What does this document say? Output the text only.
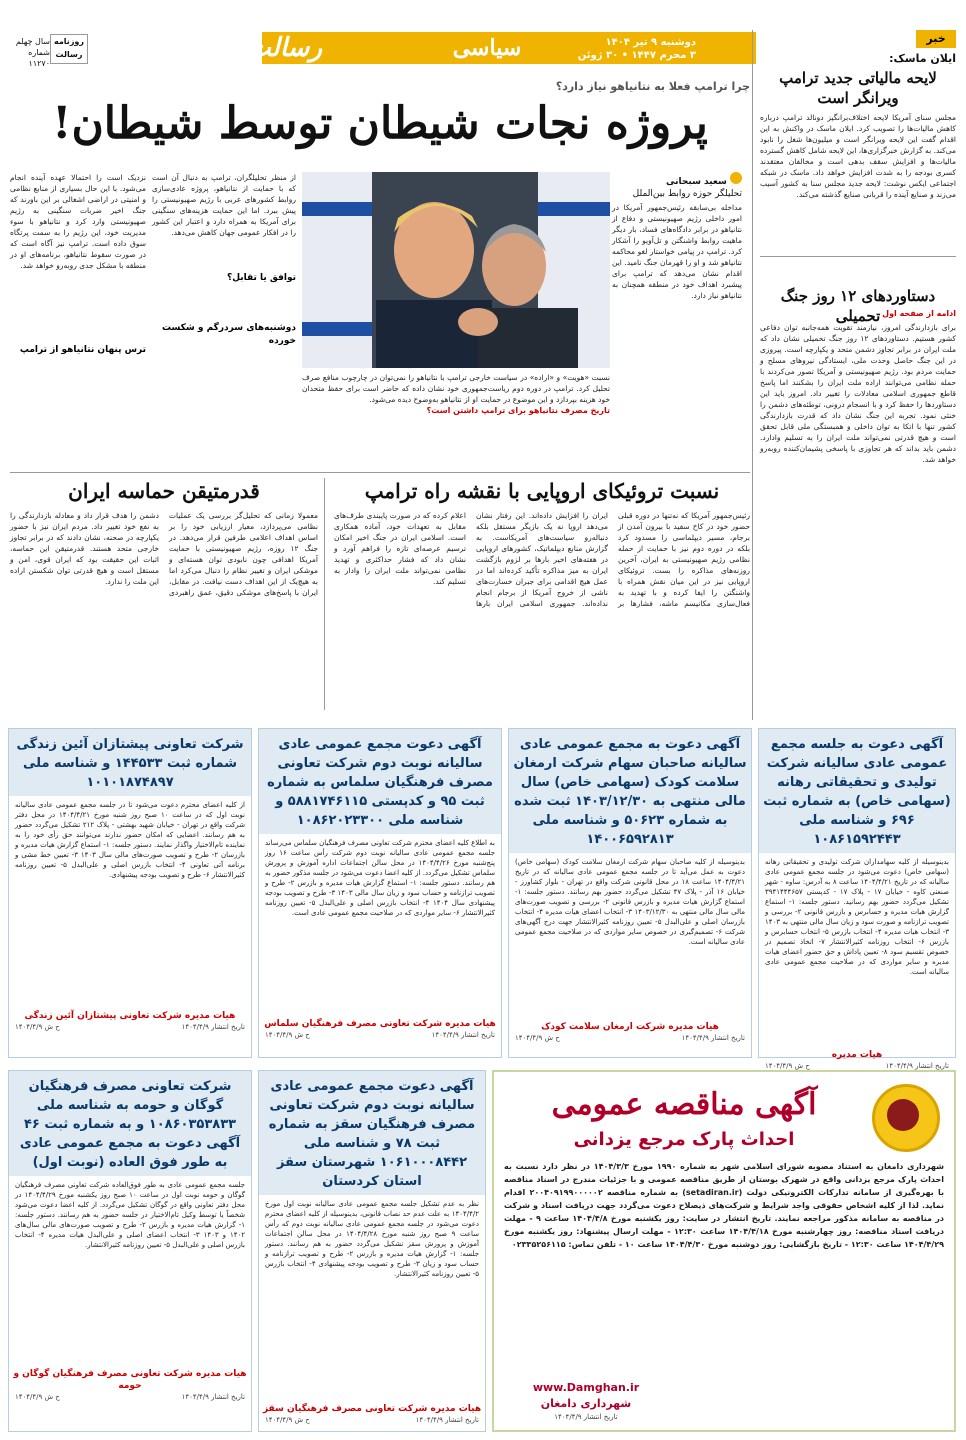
۲
دوشنبه ۹ تیر ۱۴۰۴
۳ محرم ۱۴۴۷ • ۳۰ ژوئن ۲۰۲۵
سیاسی
رسالت
روزنامه رسالت
سال چهلم
شماره ۱۱۲۷۰
خبر
ایلان ماسک:
لایحه مالیاتی جدید ترامپ ویرانگر است
مجلس سنای آمریکا لایحه اختلاف‌برانگیز دونالد ترامپ درباره کاهش مالیات‌ها را تصویب کرد. ایلان ماسک در واکنش به این اقدام گفت این لایحه ویرانگر است و میلیون‌ها شغل را نابود می‌کند. به گزارش خبرگزاری‌ها، این لایحه شامل کاهش گسترده مالیات‌ها و افزایش سقف بدهی است و مخالفان معتقدند کسری بودجه را به شدت افزایش خواهد داد. ماسک در شبکه اجتماعی ایکس نوشت: لایحه جدید مجلس سنا به کشور آسیب می‌زند و صنایع آینده را قربانی صنایع گذشته می‌کند.
دستاوردهای ۱۲ روز جنگ تحمیلی ادامه از صفحه اول
برای بازدارندگی امروز، نیازمند تقویت همه‌جانبه توان دفاعی کشور هستیم. دستاوردهای ۱۲ روز جنگ تحمیلی نشان داد که ملت ایران در برابر تجاوز دشمن متحد و یکپارچه است. پیروزی در این جنگ حاصل وحدت ملی، ایستادگی نیروهای مسلح و حمایت مردم بود. رژیم صهیونیستی و آمریکا تصور می‌کردند با حمله نظامی می‌توانند اراده ملت ایران را بشکنند اما پاسخ قاطع جمهوری اسلامی معادلات را تغییر داد. امروز باید این دستاوردها را حفظ کرد و با انسجام درونی، توطئه‌های دشمن را خنثی نمود. تجربه این جنگ نشان داد که قدرت بازدارندگی کشور تنها با اتکا به توان داخلی و همبستگی ملی قابل تحقق است و هیچ قدرتی نمی‌تواند ملت ایران را به تسلیم وادارد. دشمن باید بداند که هر تجاوزی با پاسخی پشیمان‌کننده روبه‌رو خواهد شد.
چرا ترامپ فعلا به نتانیاهو نیاز دارد؟
پروژه نجات شیطان توسط شیطان!
سعید سبحانی
تحلیلگر حوزه روابط بین‌الملل
مداخله بی‌سابقه رئیس‌جمهور آمریکا در امور داخلی رژیم صهیونیستی و دفاع از نتانیاهو در برابر دادگاه‌های فساد، بار دیگر ماهیت روابط واشنگتن و تل‌آویو را آشکار کرد. ترامپ در پیامی خواستار لغو محاکمه نتانیاهو شد و او را قهرمان جنگ نامید. این اقدام نشان می‌دهد که ترامپ برای پیشبرد اهداف خود در منطقه همچنان به نتانیاهو نیاز دارد.
نسبت «هویت» و «اراده» در سیاست خارجی ترامپ با نتانیاهو را نمی‌توان در چارچوب منافع صرف تحلیل کرد. ترامپ در دوره دوم ریاست‌جمهوری خود نشان داده که حاضر است برای حفظ متحدان خود هزینه بپردازد و این موضوع در حمایت او از نتانیاهو به‌وضوح دیده می‌شود.
تاریخ مصرف نتانیاهو برای ترامپ داشتن است؟
از منظر تحلیلگران، ترامپ به دنبال آن است که با حمایت از نتانیاهو، پروژه عادی‌سازی روابط کشورهای عربی با رژیم صهیونیستی را پیش ببرد. اما این حمایت هزینه‌های سنگینی برای آمریکا به همراه دارد و اعتبار این کشور را در افکار عمومی جهان کاهش می‌دهد.
توافق یا تقابل؟
دوشنبه‌های سردرگم و شکست خورده
نزدیک است را احتمالا عهده آینده انجام می‌شود. با این حال بسیاری از منابع نظامی و امنیتی در اراضی اشغالی بر این باورند که جنگ اخیر ضربات سنگینی به رژیم صهیونیستی وارد کرد و نتانیاهو با سوء مدیریت خود، این رژیم را به سمت پرتگاه سوق داده است. ترامپ نیز آگاه است که در صورت سقوط نتانیاهو، برنامه‌های او در منطقه با مشکل جدی روبه‌رو خواهد شد.
ترس پنهان نتانیاهو از ترامپ
نسبت تروئیکای اروپایی با نقشه راه ترامپ
رئیس‌جمهور آمریکا که نه‌تنها در دوره قبلی حضور خود در کاخ سفید با بیرون آمدن از برجام، مسیر دیپلماسی را مسدود کرد بلکه در دوره دوم نیز با حمایت از حمله نظامی رژیم صهیونیستی به ایران، آخرین روزنه‌های مذاکره را بست. تروئیکای اروپایی نیز در این میان نقش همراه با واشنگتن را ایفا کرده و با تهدید به فعال‌سازی مکانیسم ماشه، فشارها بر ایران را افزایش داده‌اند. این رفتار نشان می‌دهد اروپا نه یک بازیگر مستقل بلکه دنباله‌رو سیاست‌های آمریکاست. به گزارش منابع دیپلماتیک، کشورهای اروپایی در هفته‌های اخیر بارها بر لزوم بازگشت ایران به میز مذاکره تأکید کرده‌اند اما در عمل هیچ اقدامی برای جبران خسارت‌های ناشی از خروج آمریکا از برجام انجام نداده‌اند. جمهوری اسلامی ایران بارها اعلام کرده که در صورت پایبندی طرف‌های مقابل به تعهدات خود، آماده همکاری است. اسلامی ایران در جنگ اخیر امکان ترسیم عرصه‌ای تازه را فراهم آورد و نشان داد که فشار حداکثری و تهدید نظامی نمی‌تواند ملت ایران را وادار به تسلیم کند.
قدرمتیقن حماسه ایران
معمولا زمانی که تحلیل‌گر بررسی یک عملیات نظامی می‌پردازد، معیار ارزیابی خود را بر اساس اهداف اعلامی طرفین قرار می‌دهد. در جنگ ۱۲ روزه، رژیم صهیونیستی با حمایت آمریکا اهدافی چون نابودی توان هسته‌ای و موشکی ایران و تغییر نظام را دنبال می‌کرد اما به هیچ‌یک از این اهداف دست نیافت. در مقابل، ایران با پاسخ‌های موشکی دقیق، عمق راهبردی دشمن را هدف قرار داد و معادله بازدارندگی را به نفع خود تغییر داد. مردم ایران نیز با حضور یکپارچه در صحنه، نشان دادند که در برابر تجاوز خارجی متحد هستند. قدرمتیقن این حماسه، اثبات این حقیقت بود که ایران قوی، امن و مستقل است و هیچ قدرتی توان شکستن اراده این ملت را ندارد.
آگهی دعوت به جلسه مجمع عمومی عادی سالیانه شرکت تولیدی و تحقیقاتی رهانه (سهامی خاص) به شماره ثبت ۶۹۶ و شناسه ملی ۱۰۸۶۱۵۹۲۴۴۳
بدینوسیله از کلیه سهامداران شرکت تولیدی و تحقیقاتی رهانه (سهامی خاص) دعوت می‌شود در جلسه مجمع عمومی عادی سالیانه که در تاریخ ۱۴۰۴/۴/۲۱ ساعت ۸ به آدرس: ساوه - شهر صنعتی کاوه - خیابان ۱۷ - پلاک ۱۷ - کدپستی ۳۹۴۱۴۴۴۶۵۷ تشکیل می‌گردد حضور بهم رسانید. دستور جلسه: ۱- استماع گزارش هیات مدیره و حسابرس و بازرس قانونی ۲- بررسی و تصویب ترازنامه و صورت سود و زیان سال مالی منتهی به ۱۴۰۳ ۳- انتخاب هیات مدیره ۴- انتخاب بازرس ۵- انتخاب حسابرس و بازرس ۶- انتخاب روزنامه کثیرالانتشار ۷- اتخاذ تصمیم در خصوص تقسیم سود ۸- تعیین پاداش و حق حضور اعضای هیات مدیره و سایر مواردی که در صلاحیت مجمع عمومی عادی سالیانه است.
هیات مدیره
تاریخ انتشار ۱۴۰۴/۴/۹
ح ش ۱۴۰۴/۴/۹
آگهی دعوت به مجمع عمومی عادی سالیانه صاحبان سهام شرکت ارمغان سلامت کودک (سهامی خاص) سال مالی منتهی به ۱۴۰۳/۱۲/۳۰ ثبت شده به شماره ۵۰۶۲۳ و شناسه ملی ۱۴۰۰۶۵۹۲۸۱۳
بدینوسیله از کلیه صاحبان سهام شرکت ارمغان سلامت کودک (سهامی خاص) دعوت به عمل می‌آید تا در جلسه مجمع عمومی عادی سالیانه که در تاریخ ۱۴۰۴/۴/۲۱ ساعت ۱۸ در محل قانونی شرکت واقع در تهران - بلوار کشاورز - خیابان ۱۶ آذر - پلاک ۴۷ تشکیل می‌گردد حضور بهم رسانند. دستور جلسه: ۱- استماع گزارش هیات مدیره و بازرس قانونی ۲- بررسی و تصویب صورت‌های مالی سال مالی منتهی به ۱۴۰۳/۱۲/۳۰ ۳- انتخاب اعضای هیات مدیره ۴- انتخاب بازرسان اصلی و علی‌البدل ۵- تعیین روزنامه کثیرالانتشار جهت درج آگهی‌های شرکت ۶- تصمیم‌گیری در خصوص سایر مواردی که در صلاحیت مجمع عمومی عادی سالیانه است.
هیات مدیره شرکت ارمغان سلامت کودک
تاریخ انتشار ۱۴۰۴/۴/۹
ح ش ۱۴۰۴/۴/۹
آگهی دعوت مجمع عمومی عادی سالیانه نوبت دوم شرکت تعاونی مصرف فرهنگیان سلماس به شماره ثبت ۹۵ و کدپستی ۵۸۸۱۷۴۶۱۱۵ و شناسه ملی ۱۰۸۶۲۰۲۳۳۰۰
به اطلاع کلیه اعضای محترم شرکت تعاونی مصرف فرهنگیان سلماس می‌رساند جلسه مجمع عمومی عادی سالیانه نوبت دوم شرکت رأس ساعت ۱۶ روز پنج‌شنبه مورخ ۱۴۰۴/۴/۲۶ در محل سالن اجتماعات اداره آموزش و پرورش سلماس تشکیل می‌گردد. از کلیه اعضا دعوت می‌شود در جلسه مذکور حضور به هم رسانند. دستور جلسه: ۱- استماع گزارش هیات مدیره و بازرس ۲- طرح و تصویب ترازنامه و حساب سود و زیان سال مالی ۱۴۰۳ ۳- طرح و تصویب بودجه پیشنهادی سال ۱۴۰۴ ۴- انتخاب بازرس اصلی و علی‌البدل ۵- تعیین روزنامه کثیرالانتشار ۶- سایر مواردی که در صلاحیت مجمع عمومی عادی است.
هیات مدیره شرکت تعاونی مصرف فرهنگیان سلماس
تاریخ انتشار ۱۴۰۴/۴/۹
ح ش ۱۴۰۴/۴/۹
شرکت تعاونی پیشتازان آئین زندگی شماره ثبت ۱۴۴۵۳۳ و شناسه ملی ۱۰۱۰۱۸۷۴۸۹۷
از کلیه اعضای محترم دعوت می‌شود تا در جلسه مجمع عمومی عادی سالیانه نوبت اول که در ساعت ۱۰ صبح روز شنبه مورخ ۱۴۰۴/۴/۲۱ در محل دفتر شرکت واقع در تهران - خیابان شهید بهشتی - پلاک ۲۱۲ تشکیل می‌گردد حضور به هم رسانند. اعضایی که امکان حضور ندارند می‌توانند حق رأی خود را به نماینده تام‌الاختیار واگذار نمایند. دستور جلسه: ۱- استماع گزارش هیات مدیره و بازرسان ۲- طرح و تصویب صورت‌های مالی سال ۱۴۰۳ ۳- تعیین خط مشی و برنامه آتی تعاونی ۴- انتخاب بازرس اصلی و علی‌البدل ۵- تعیین روزنامه کثیرالانتشار ۶- طرح و تصویب بودجه پیشنهادی.
هیات مدیره شرکت تعاونی پیشتازان آئین زندگی
تاریخ انتشار ۱۴۰۴/۴/۹
ح ش ۱۴۰۴/۴/۹
آگهی دعوت مجمع عمومی عادی سالیانه نوبت دوم شرکت تعاونی مصرف فرهنگیان سقز به شماره ثبت ۷۸ و شناسه ملی ۱۰۶۱۰۰۰۸۴۴۲ شهرستان سقز استان کردستان
نظر به عدم تشکیل جلسه مجمع عمومی عادی سالیانه نوبت اول مورخ ۱۴۰۴/۴/۲ به علت عدم حد نصاب قانونی، بدینوسیله از کلیه اعضای محترم دعوت می‌شود در جلسه مجمع عمومی عادی سالیانه نوبت دوم که رأس ساعت ۹ صبح روز شنبه مورخ ۱۴۰۴/۴/۲۸ در محل سالن اجتماعات آموزش و پرورش سقز تشکیل می‌گردد حضور به هم رسانند. دستور جلسه: ۱- گزارش هیات مدیره و بازرس ۲- طرح و تصویب ترازنامه و حساب سود و زیان ۳- طرح و تصویب بودجه پیشنهادی ۴- انتخاب بازرس ۵- تعیین روزنامه کثیرالانتشار.
هیات مدیره شرکت تعاونی مصرف فرهنگیان سقز
تاریخ انتشار ۱۴۰۴/۴/۹
ح ش ۱۴۰۴/۴/۹
شرکت تعاونی مصرف فرهنگیان گوگان و حومه به شناسه ملی ۱۰۸۶۰۳۵۳۸۳۳ و به شماره ثبت ۴۶ آگهی دعوت به مجمع عمومی عادی به طور فوق العاده (نوبت اول)
جلسه مجمع عمومی عادی به طور فوق‌العاده شرکت تعاونی مصرف فرهنگیان گوگان و حومه نوبت اول در ساعت ۱۰ صبح روز یکشنبه مورخ ۱۴۰۴/۴/۲۹ در محل دفتر تعاونی واقع در گوگان تشکیل می‌گردد. از کلیه اعضا دعوت می‌شود شخصاً یا توسط وکیل تام‌الاختیار در جلسه حضور به هم رسانند. دستور جلسه: ۱- گزارش هیات مدیره و بازرس ۲- طرح و تصویب صورت‌های مالی سال‌های ۱۴۰۲ و ۱۴۰۳ ۳- انتخاب اعضای اصلی و علی‌البدل هیات مدیره ۴- انتخاب بازرس اصلی و علی‌البدل ۵- تعیین روزنامه کثیرالانتشار.
هیات مدیره شرکت تعاونی مصرف فرهنگیان گوگان و حومه
تاریخ انتشار ۱۴۰۴/۴/۹
ح ش ۱۴۰۴/۴/۹
آگهی مناقصه عمومی
احداث پارک مرجع یزدانی
شهرداری دامغان به استناد مصوبه شورای اسلامی شهر به شماره ۱۹۹۰ مورخ ۱۴۰۴/۳/۳ در نظر دارد نسبت به احداث پارک مرجع یزدانی واقع در شهرک بوستان از طریق مناقصه عمومی و با جزئیات مندرج در اسناد مناقصه با بهره‌گیری از سامانه تدارکات الکترونیکی دولت (setadiran.ir) به شماره مناقصه ۲۰۰۴۰۹۱۹۹۰۰۰۰۰۲ اقدام نماید. لذا از کلیه اشخاص حقوقی واجد شرایط و شرکت‌های ذیصلاح دعوت می‌گردد جهت دریافت اسناد و شرکت در مناقصه به سامانه مذکور مراجعه نمایند. تاریخ انتشار در سایت: روز یکشنبه مورخ ۱۴۰۴/۴/۸ ساعت ۹ - مهلت دریافت اسناد مناقصه: روز چهارشنبه مورخ ۱۴۰۴/۴/۱۸ ساعت ۱۲:۳۰ - مهلت ارسال پیشنهاد: روز یکشنبه مورخ ۱۴۰۴/۴/۲۹ ساعت ۱۲:۳۰ - تاریخ بازگشایی: روز دوشنبه مورخ ۱۴۰۴/۴/۳۰ ساعت ۱۰ - تلفن تماس: ۰۲۳۳۵۲۵۶۱۱۵
www.Damghan.ir
شهرداری دامغان
تاریخ انتشار ۱۴۰۴/۴/۹
